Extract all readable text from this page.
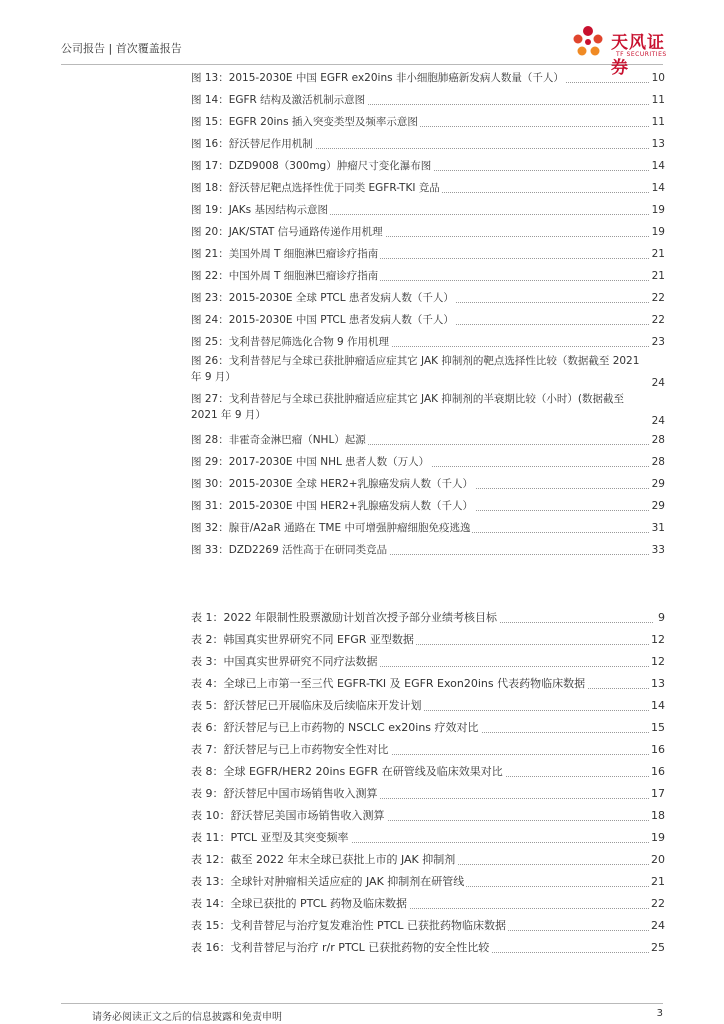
公司报告 | 首次覆盖报告	天风证券
TF SECURITIES
图 13：2015-2030E 中国 EGFR ex20ins 非小细胞肺癌新发病人数量（千人）	10
图 14：EGFR 结构及激活机制示意图	11
图 15：EGFR 20ins 插入突变类型及频率示意图	11
图 16：舒沃替尼作用机制	13
图 17：DZD9008（300mg）肿瘤尺寸变化瀑布图	14
图 18：舒沃替尼靶点选择性优于同类 EGFR-TKI 竞品	14
图 19：JAKs 基因结构示意图	19
图 20：JAK/STAT 信号通路传递作用机理	19
图 21：美国外周 T 细胞淋巴瘤诊疗指南	21
图 22：中国外周 T 细胞淋巴瘤诊疗指南	21
图 23：2015-2030E 全球 PTCL 患者发病人数（千人）	22
图 24：2015-2030E 中国 PTCL 患者发病人数（千人）	22
图 25：戈利昔替尼筛选化合物 9 作用机理	23
图 26：戈利昔替尼与全球已获批肿瘤适应症其它 JAK 抑制剂的靶点选择性比较（数据截至 2021 年 9 月）	24
图 27：戈利昔替尼与全球已获批肿瘤适应症其它 JAK 抑制剂的半衰期比较（小时）(数据截至 2021 年 9 月）	24
图 28：非霍奇金淋巴瘤（NHL）起源	28
图 29：2017-2030E 中国 NHL 患者人数（万人）	28
图 30：2015-2030E 全球 HER2+乳腺癌发病人数（千人）	29
图 31：2015-2030E 中国 HER2+乳腺癌发病人数（千人）	29
图 32：腺苷/A2aR 通路在 TME 中可增强肿瘤细胞免疫逃逸	31
图 33：DZD2269 活性高于在研同类竞品	33
表 1：2022 年限制性股票激励计划首次授予部分业绩考核目标	9
表 2：韩国真实世界研究不同 EFGR 亚型数据	12
表 3：中国真实世界研究不同疗法数据	12
表 4：全球已上市第一至三代 EGFR-TKI 及 EGFR Exon20ins 代表药物临床数据	13
表 5：舒沃替尼已开展临床及后续临床开发计划	14
表 6：舒沃替尼与已上市药物的 NSCLC ex20ins 疗效对比	15
表 7：舒沃替尼与已上市药物安全性对比	16
表 8：全球 EGFR/HER2 20ins EGFR 在研管线及临床效果对比	16
表 9：舒沃替尼中国市场销售收入测算	17
表 10：舒沃替尼美国市场销售收入测算	18
表 11：PTCL 亚型及其突变频率	19
表 12：截至 2022 年末全球已获批上市的 JAK 抑制剂	20
表 13：全球针对肿瘤相关适应症的 JAK 抑制剂在研管线	21
表 14：全球已获批的 PTCL 药物及临床数据	22
表 15：戈利昔替尼与治疗复发难治性 PTCL 已获批药物临床数据	24
表 16：戈利昔替尼与治疗 r/r PTCL 已获批药物的安全性比较	25
请务必阅读正文之后的信息披露和免责申明	3
